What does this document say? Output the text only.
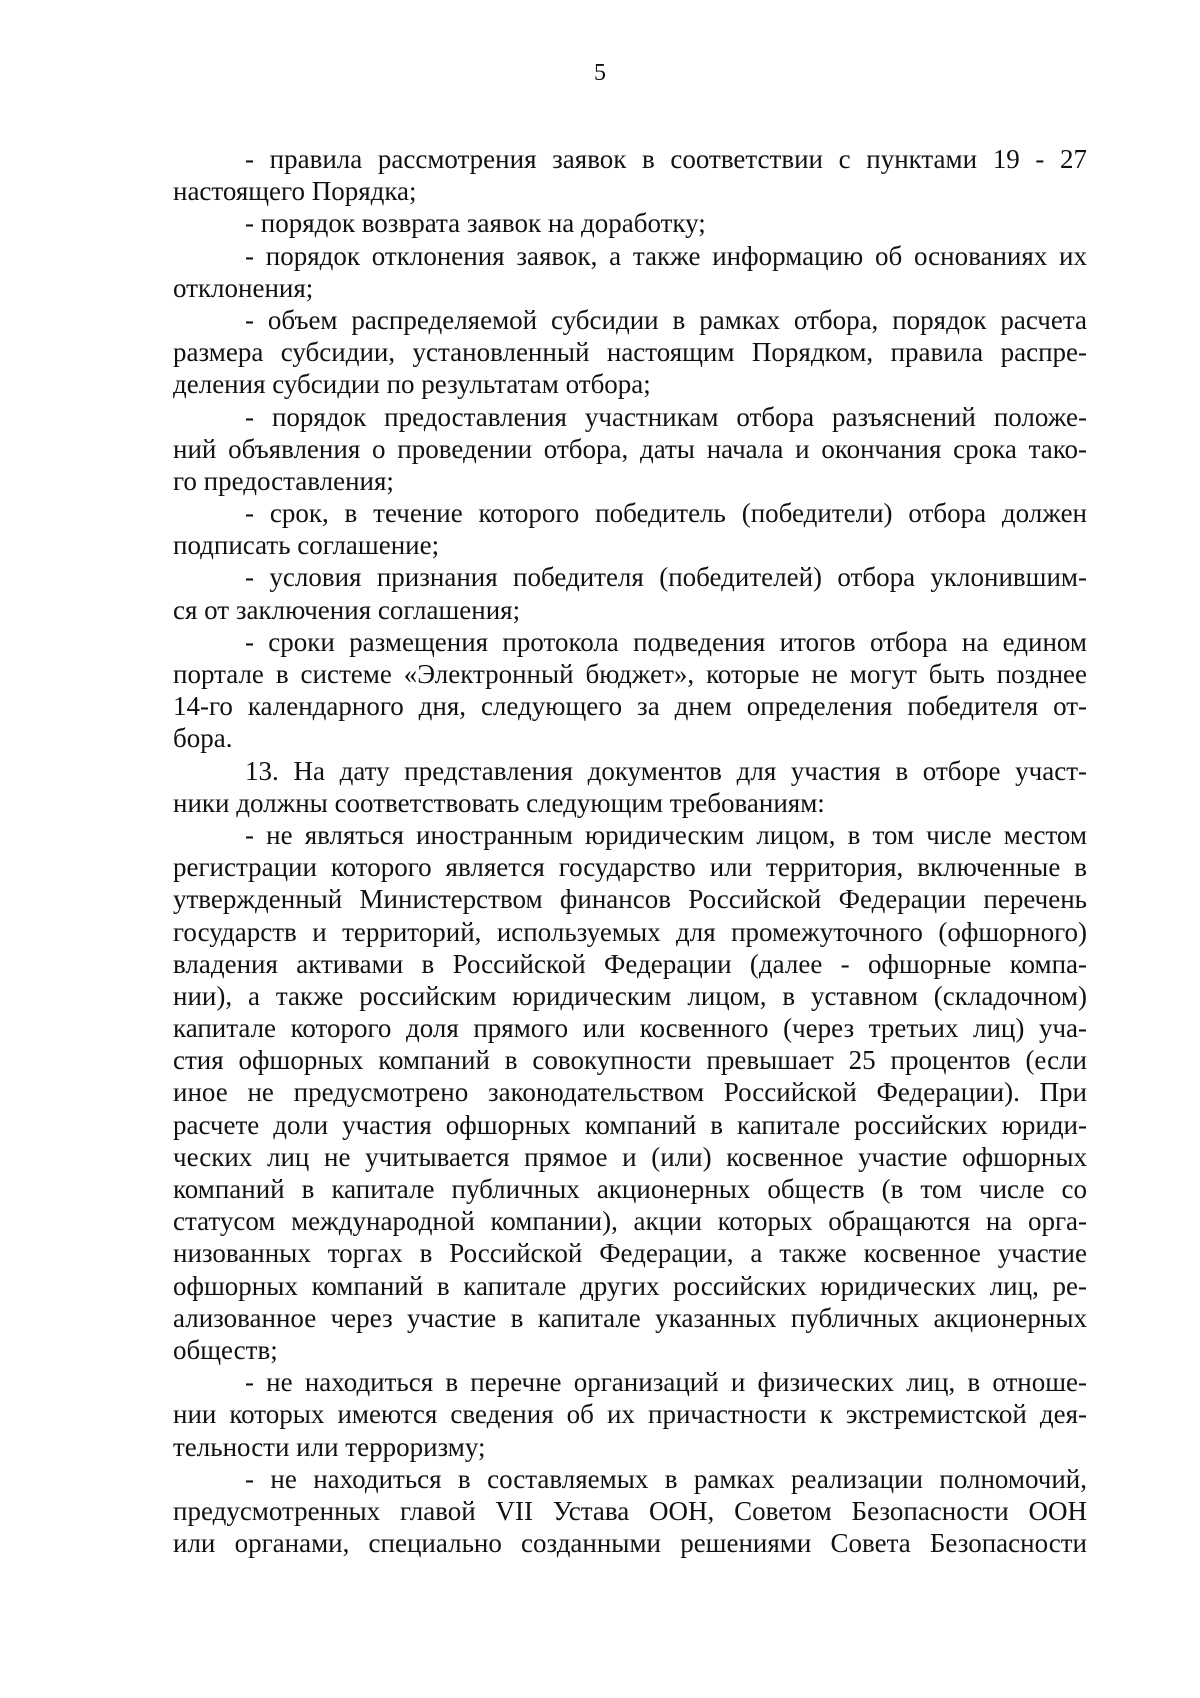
5
- правила рассмотрения заявок в соответствии с пунктами 19 - 27
настоящего Порядка;
- порядок возврата заявок на доработку;
- порядок отклонения заявок, а также информацию об основаниях их
отклонения;
- объем распределяемой субсидии в рамках отбора, порядок расчета
размера субсидии, установленный настоящим Порядком, правила распре-
деления субсидии по результатам отбора;
- порядок предоставления участникам отбора разъяснений положе-
ний объявления о проведении отбора, даты начала и окончания срока тако-
го предоставления;
- срок, в течение которого победитель (победители) отбора должен
подписать соглашение;
- условия признания победителя (победителей) отбора уклонившим-
ся от заключения соглашения;
- сроки размещения протокола подведения итогов отбора на едином
портале в системе «Электронный бюджет», которые не могут быть позднее
14-го календарного дня, следующего за днем определения победителя от-
бора.
13. На дату представления документов для участия в отборе участ-
ники должны соответствовать следующим требованиям:
- не являться иностранным юридическим лицом, в том числе местом
регистрации которого является государство или территория, включенные в
утвержденный Министерством финансов Российской Федерации перечень
государств и территорий, используемых для промежуточного (офшорного)
владения активами в Российской Федерации (далее - офшорные компа-
нии), а также российским юридическим лицом, в уставном (складочном)
капитале которого доля прямого или косвенного (через третьих лиц) уча-
стия офшорных компаний в совокупности превышает 25 процентов (если
иное не предусмотрено законодательством Российской Федерации). При
расчете доли участия офшорных компаний в капитале российских юриди-
ческих лиц не учитывается прямое и (или) косвенное участие офшорных
компаний в капитале публичных акционерных обществ (в том числе со
статусом международной компании), акции которых обращаются на орга-
низованных торгах в Российской Федерации, а также косвенное участие
офшорных компаний в капитале других российских юридических лиц, ре-
ализованное через участие в капитале указанных публичных акционерных
обществ;
- не находиться в перечне организаций и физических лиц, в отноше-
нии которых имеются сведения об их причастности к экстремистской дея-
тельности или терроризму;
- не находиться в составляемых в рамках реализации полномочий,
предусмотренных главой VII Устава ООН, Советом Безопасности ООН
или органами, специально созданными решениями Совета Безопасности
